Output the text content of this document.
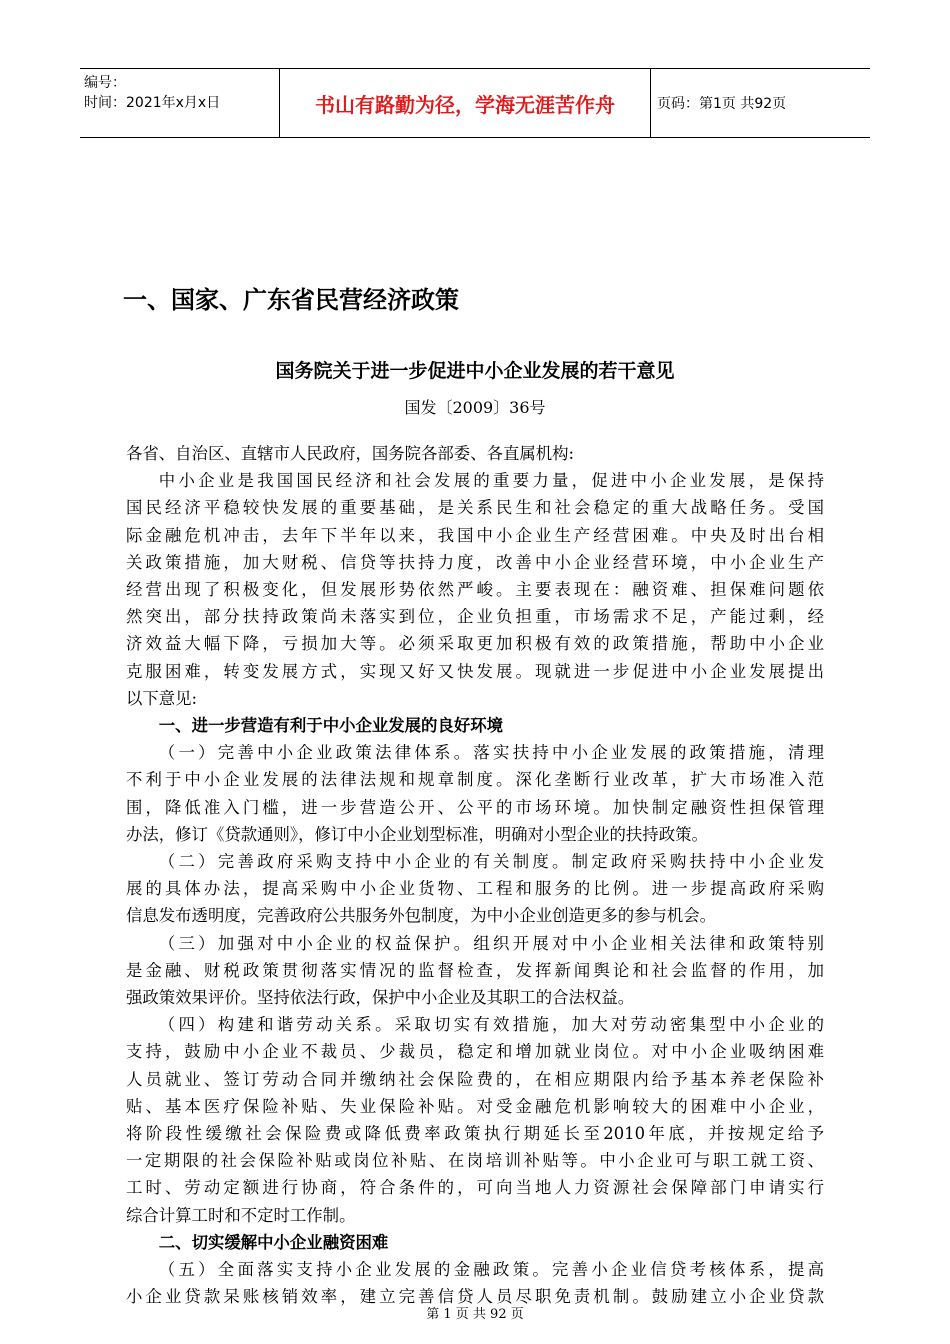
编号：
时间：2021年x月x日	书山有路勤为径，学海无涯苦作舟	页码：第1页 共92页
一、国家、广东省民营经济政策
国务院关于进一步促进中小企业发展的若干意见
国发〔2009〕36号

各省、自治区、直辖市人民政府，国务院各部委、各直属机构:

中小企业是我国国民经济和社会发展的重要力量，促进中小企业发展，是保持

国民经济平稳较快发展的重要基础，是关系民生和社会稳定的重大战略任务。受国

际金融危机冲击，去年下半年以来，我国中小企业生产经营困难。中央及时出台相

关政策措施，加大财税、信贷等扶持力度，改善中小企业经营环境，中小企业生产

经营出现了积极变化，但发展形势依然严峻。主要表现在：融资难、担保难问题依

然突出，部分扶持政策尚未落实到位，企业负担重，市场需求不足，产能过剩，经

济效益大幅下降，亏损加大等。必须采取更加积极有效的政策措施，帮助中小企业

克服困难，转变发展方式，实现又好又快发展。现就进一步促进中小企业发展提出

以下意见:

一、进一步营造有利于中小企业发展的良好环境

（一）完善中小企业政策法律体系。落实扶持中小企业发展的政策措施，清理

不利于中小企业发展的法律法规和规章制度。深化垄断行业改革，扩大市场准入范

围，降低准入门槛，进一步营造公开、公平的市场环境。加快制定融资性担保管理

办法，修订《贷款通则》，修订中小企业划型标准，明确对小型企业的扶持政策。

（二）完善政府采购支持中小企业的有关制度。制定政府采购扶持中小企业发

展的具体办法，提高采购中小企业货物、工程和服务的比例。进一步提高政府采购

信息发布透明度，完善政府公共服务外包制度，为中小企业创造更多的参与机会。

（三）加强对中小企业的权益保护。组织开展对中小企业相关法律和政策特别

是金融、财税政策贯彻落实情况的监督检查，发挥新闻舆论和社会监督的作用，加

强政策效果评价。坚持依法行政，保护中小企业及其职工的合法权益。

（四）构建和谐劳动关系。采取切实有效措施，加大对劳动密集型中小企业的

支持，鼓励中小企业不裁员、少裁员，稳定和增加就业岗位。对中小企业吸纳困难

人员就业、签订劳动合同并缴纳社会保险费的，在相应期限内给予基本养老保险补

贴、基本医疗保险补贴、失业保险补贴。对受金融危机影响较大的困难中小企业，

将阶段性缓缴社会保险费或降低费率政策执行期延长至2010年底，并按规定给予

一定期限的社会保险补贴或岗位补贴、在岗培训补贴等。中小企业可与职工就工资、

工时、劳动定额进行协商，符合条件的，可向当地人力资源社会保障部门申请实行

综合计算工时和不定时工作制。

二、切实缓解中小企业融资困难

（五）全面落实支持小企业发展的金融政策。完善小企业信贷考核体系，提高

小企业贷款呆账核销效率，建立完善信贷人员尽职免责机制。鼓励建立小企业贷款

第 1 页 共 92 页
